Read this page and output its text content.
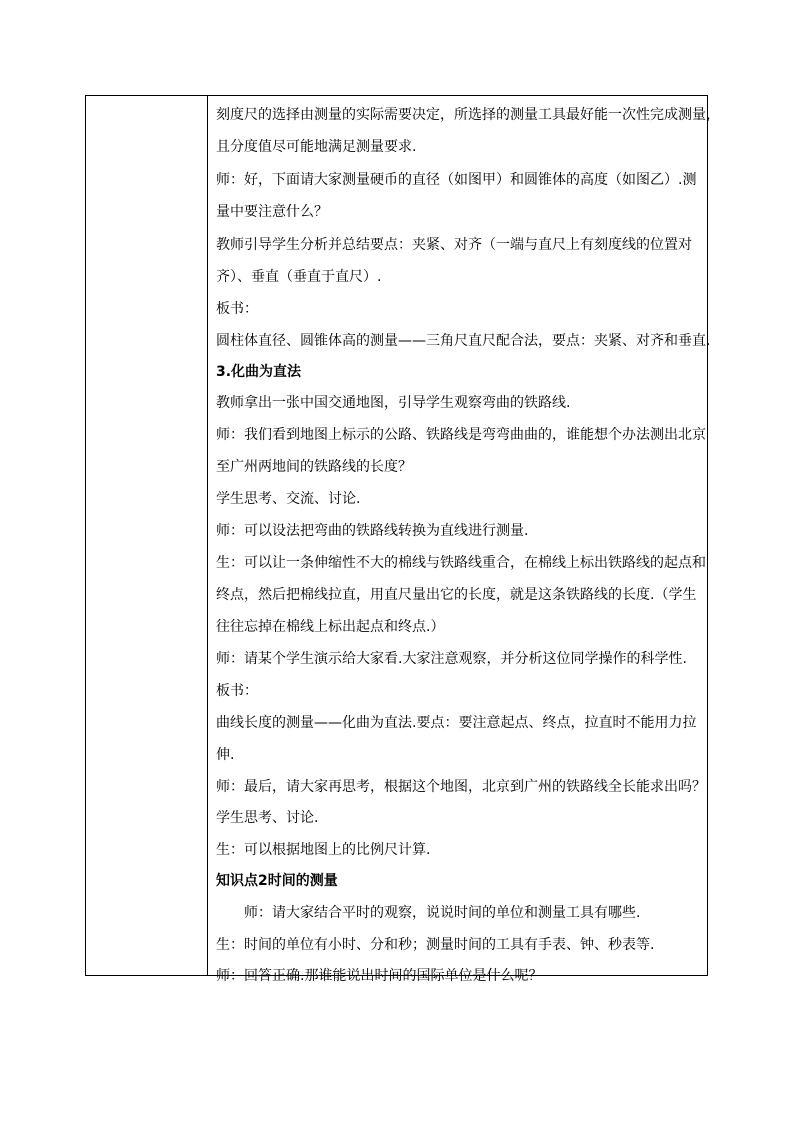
刻度尺的选择由测量的实际需要决定，所选择的测量工具最好能一次性完成测量，
且分度值尽可能地满足测量要求.
师：好，下面请大家测量硬币的直径（如图甲）和圆锥体的高度（如图乙）.测
量中要注意什么？
教师引导学生分析并总结要点：夹紧、对齐（一端与直尺上有刻度线的位置对
齐）、垂直（垂直于直尺）.
板书：
圆柱体直径、圆锥体高的测量——三角尺直尺配合法，要点：夹紧、对齐和垂直.
3.化曲为直法
教师拿出一张中国交通地图，引导学生观察弯曲的铁路线.
师：我们看到地图上标示的公路、铁路线是弯弯曲曲的，谁能想个办法测出北京
至广州两地间的铁路线的长度？
学生思考、交流、讨论.
师：可以设法把弯曲的铁路线转换为直线进行测量.
生：可以让一条伸缩性不大的棉线与铁路线重合，在棉线上标出铁路线的起点和
终点，然后把棉线拉直，用直尺量出它的长度，就是这条铁路线的长度.（学生
往往忘掉在棉线上标出起点和终点.）
师：请某个学生演示给大家看.大家注意观察，并分析这位同学操作的科学性.
板书：
曲线长度的测量——化曲为直法.要点：要注意起点、终点，拉直时不能用力拉
伸.
师：最后，请大家再思考，根据这个地图，北京到广州的铁路线全长能求出吗？
学生思考、讨论.
生：可以根据地图上的比例尺计算.
知识点2时间的测量
师：请大家结合平时的观察，说说时间的单位和测量工具有哪些.
生：时间的单位有小时、分和秒；测量时间的工具有手表、钟、秒表等.
师：回答正确.那谁能说出时间的国际单位是什么呢？
